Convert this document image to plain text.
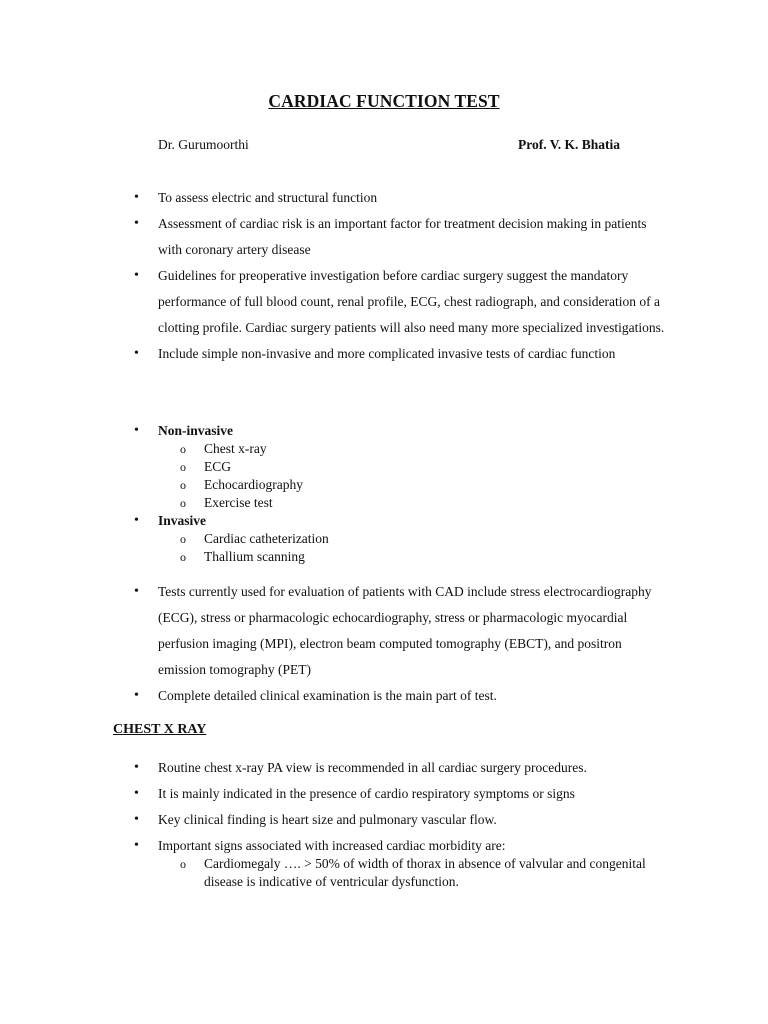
CARDIAC FUNCTION TEST
Dr. Gurumoorthi	Prof. V. K. Bhatia
• To assess electric and structural function
• Assessment of cardiac risk is an important factor for treatment decision making in patients with coronary artery disease
• Guidelines for preoperative investigation before cardiac surgery suggest the mandatory performance of full blood count, renal profile, ECG, chest radiograph, and consideration of a clotting profile. Cardiac surgery patients will also need many more specialized investigations.
• Include simple non-invasive and more complicated invasive tests of cardiac function
• Non-invasive
o Chest x-ray
o ECG
o Echocardiography
o Exercise test
• Invasive
o Cardiac catheterization
o Thallium scanning
• Tests currently used for evaluation of patients with CAD include stress electrocardiography (ECG), stress or pharmacologic echocardiography, stress or pharmacologic myocardial perfusion imaging (MPI), electron beam computed tomography (EBCT), and positron emission tomography (PET)
• Complete detailed clinical examination is the main part of test.
CHEST X RAY
• Routine chest x-ray PA view is recommended in all cardiac surgery procedures.
• It is mainly indicated in the presence of cardio respiratory symptoms or signs
• Key clinical finding is heart size and pulmonary vascular flow.
• Important signs associated with increased cardiac morbidity are:
o Cardiomegaly …. > 50% of width of thorax in absence of valvular and congenital disease is indicative of ventricular dysfunction.
